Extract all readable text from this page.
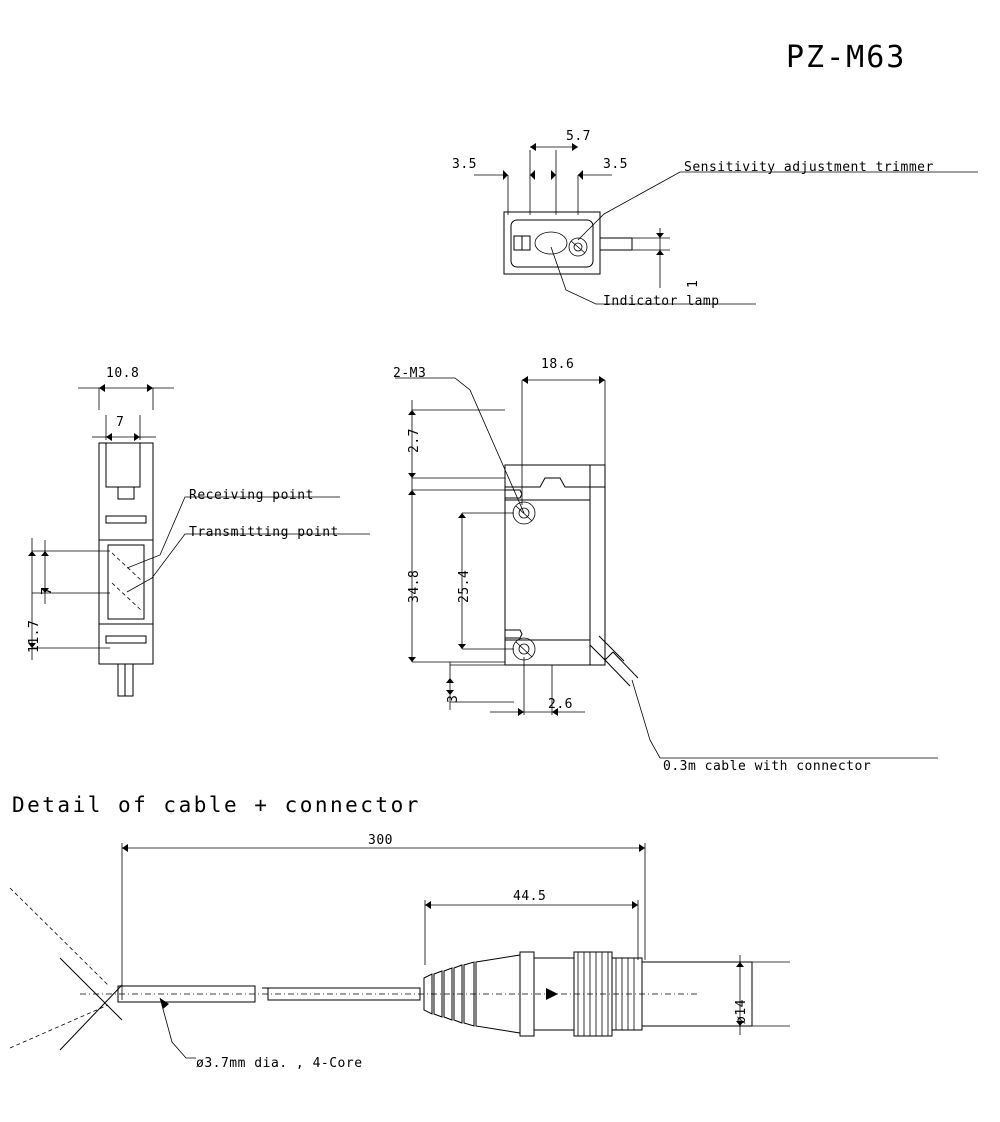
PZ-M63
3.5
5.7
3.5
1
Sensitivity adjustment trimmer
Indicator lamp
10.8
7
7
11.7
Receiving point
Transmitting point
2-M3
18.6
2.7
34.8	25.4
3	2.6
0.3m cable with connector
Detail of cable + connector
300
44.5
ø14
ø3.7mm dia. , 4-Core
